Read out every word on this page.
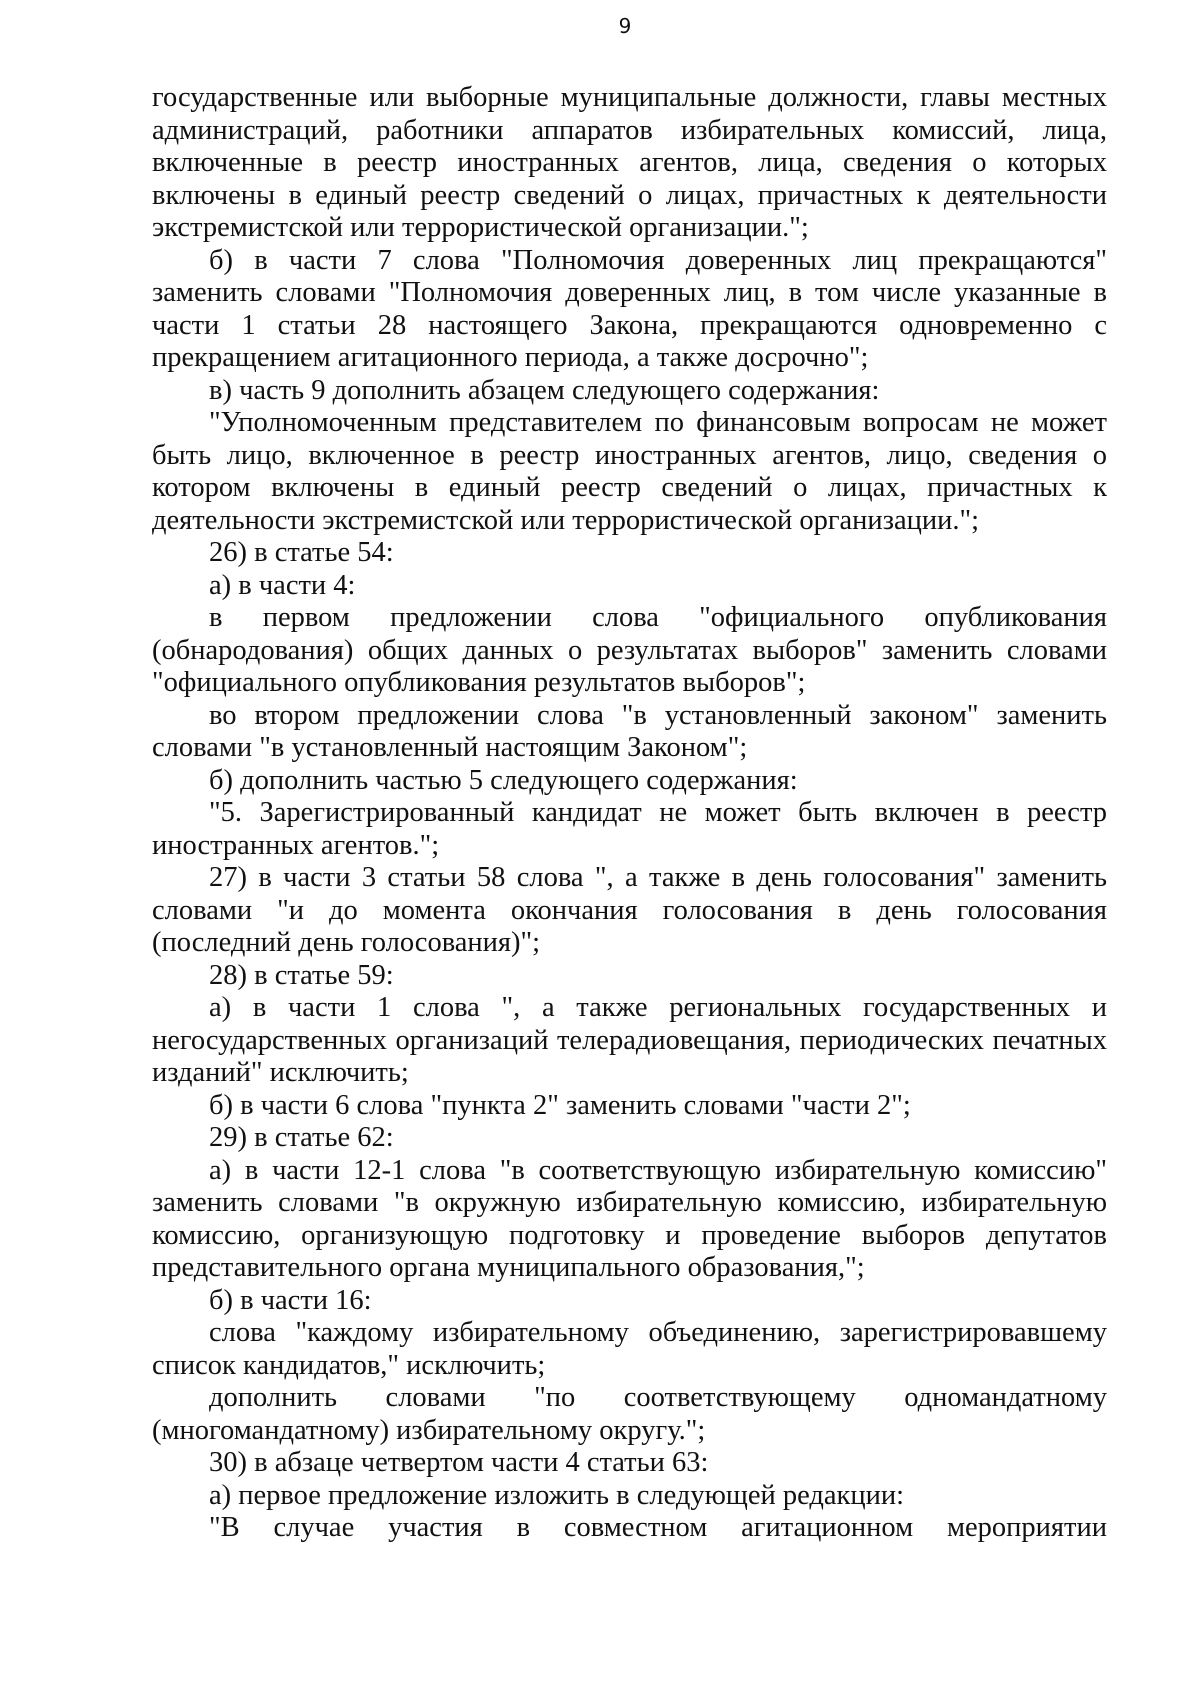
9

государственные или выборные муниципальные должности, главы местных администраций, работники аппаратов избирательных комиссий, лица, включенные в реестр иностранных агентов, лица, сведения о которых включены в единый реестр сведений о лицах, причастных к деятельности экстремистской или террористической организации.";

б) в части 7 слова "Полномочия доверенных лиц прекращаются" заменить словами "Полномочия доверенных лиц, в том числе указанные в части 1 статьи 28 настоящего Закона, прекращаются одновременно с прекращением агитационного периода, а также досрочно";

в) часть 9 дополнить абзацем следующего содержания:

"Уполномоченным представителем по финансовым вопросам не может быть лицо, включенное в реестр иностранных агентов, лицо, сведения о котором включены в единый реестр сведений о лицах, причастных к деятельности экстремистской или террористической организации.";

26) в статье 54:

а) в части 4:

в первом предложении слова "официального опубликования (обнародования) общих данных о результатах выборов" заменить словами "официального опубликования результатов выборов";

во втором предложении слова "в установленный законом" заменить словами "в установленный настоящим Законом";

б) дополнить частью 5 следующего содержания:

"5. Зарегистрированный кандидат не может быть включен в реестр иностранных агентов.";

27) в части 3 статьи 58 слова ", а также в день голосования" заменить словами "и до момента окончания голосования в день голосования (последний день голосования)";

28) в статье 59:

а) в части 1 слова ", а также региональных государственных и негосударственных организаций телерадиовещания, периодических печатных изданий" исключить;

б) в части 6 слова "пункта 2" заменить словами "части 2";

29) в статье 62:

а) в части 12-1 слова "в соответствующую избирательную комиссию" заменить словами "в окружную избирательную комиссию, избирательную комиссию, организующую подготовку и проведение выборов депутатов представительного органа муниципального образования,";

б) в части 16:

слова "каждому избирательному объединению, зарегистрировавшему список кандидатов," исключить;

дополнить словами "по соответствующему одномандатному (многомандатному) избирательному округу.";

30) в абзаце четвертом части 4 статьи 63:

а) первое предложение изложить в следующей редакции:

"В случае участия в совместном агитационном мероприятии
